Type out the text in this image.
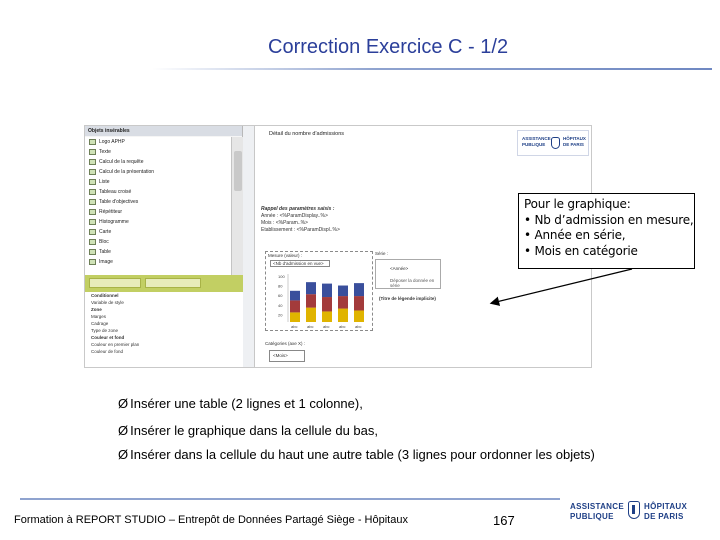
Correction Exercice C - 1/2
Objets insérables
Logo APHP
Texte
Calcul de la requête
Calcul de la présentation
Liste
Tableau croisé
Table d'objectives
Répétiteur
Histogramme
Carte
Bloc
Table
Image
Conditionnel
Variable de style
Zone
Marges
Cadrage
Type de zone
Couleur et fond
Couleur en premier plan
Couleur de fond
Détail du nombre d'admissions
ASSISTANCE
PUBLIQUE
HÔPITAUX
DE PARIS
Rappel des paramètres saisis :
Année : <%ParamDisplay..%>
Mois : <%Param..%>
Etablissement : <%ParamDispl..%>
Mesure (valeur) :
<Nb d'admission en vue>
100
80
60
40
20
abc abc abc abc abc
Série :
<Année>
Déposer la donnée en série
(Titre de légende implicite)
Catégories (axe X) :
<Mois>
Pour le graphique:
• Nb d’admission en mesure,
• Année en série,
• Mois en catégorie
Ø Insérer une table (2 lignes et 1 colonne),
Ø Insérer le graphique dans la cellule du bas,
Ø Insérer dans la cellule du haut une autre table (3 lignes pour ordonner les objets)
Formation à REPORT STUDIO – Entrepôt de Données Partagé Siège - Hôpitaux	167
ASSISTANCE
PUBLIQUE
HÔPITAUX
DE PARIS
